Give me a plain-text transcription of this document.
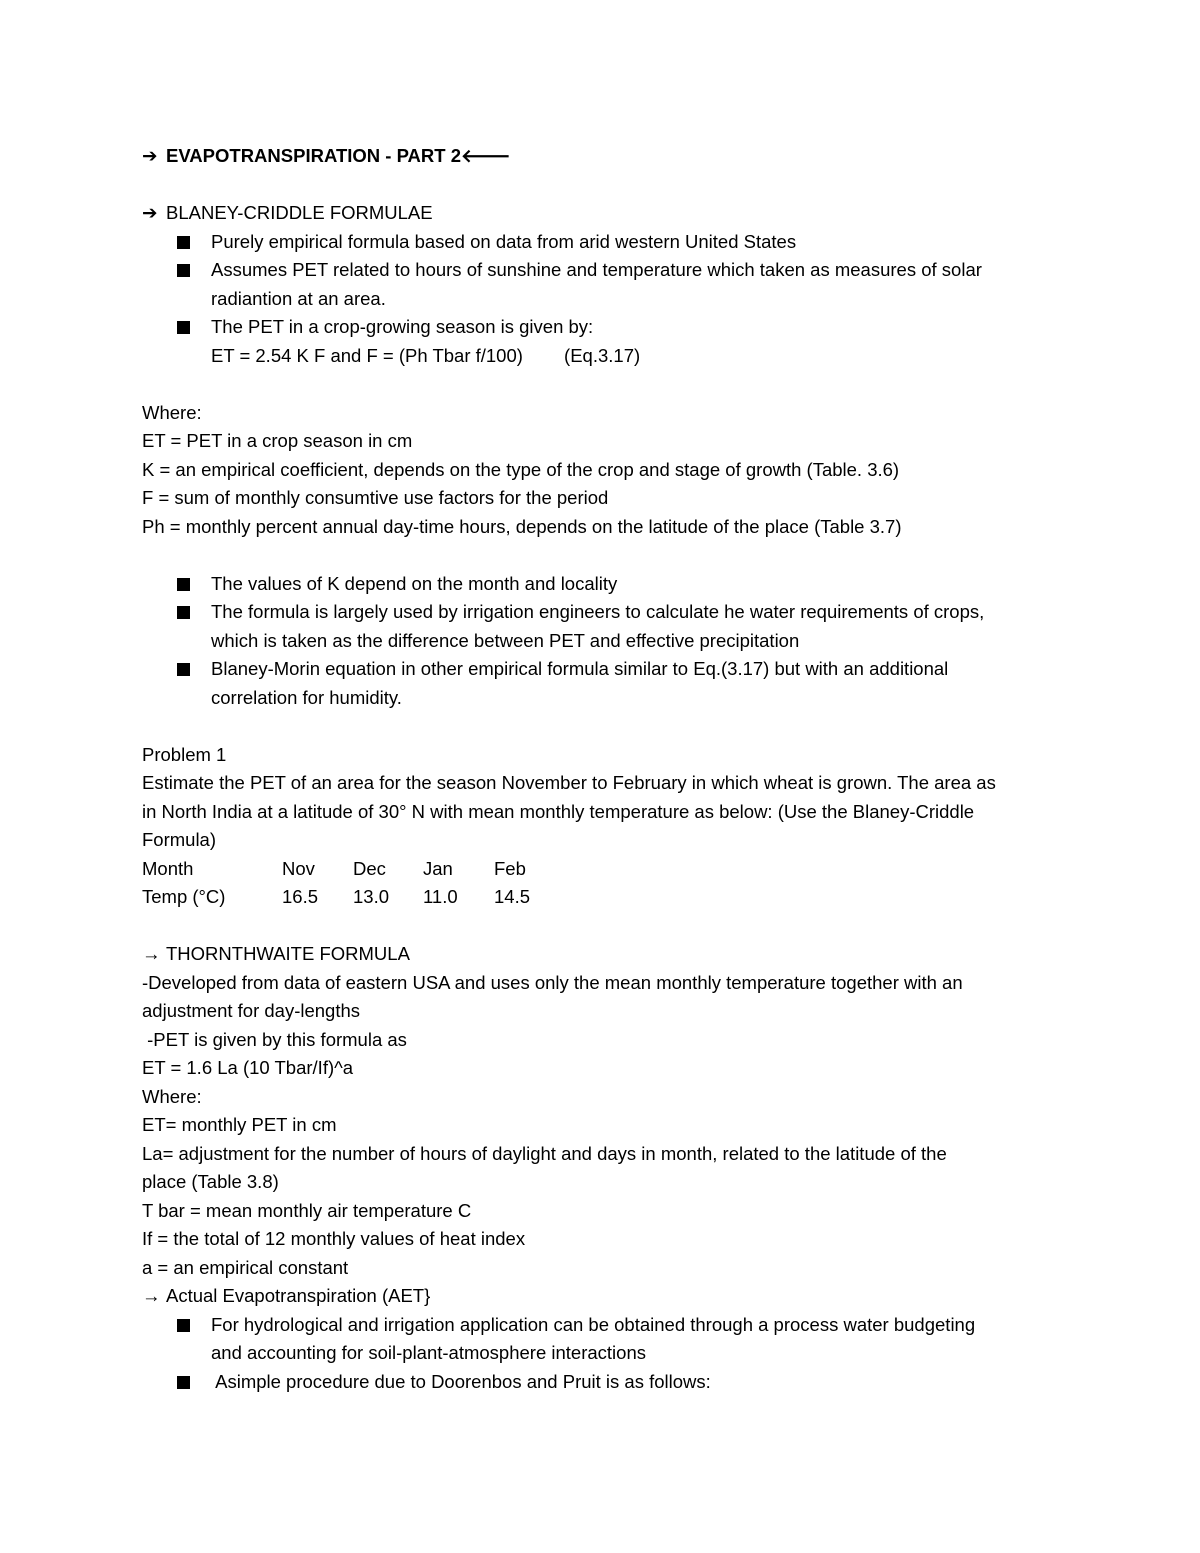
➔ EVAPOTRANSPIRATION - PART 2🡐
➔ BLANEY-CRIDDLE FORMULAE
Purely empirical formula based on data from arid western United States
Assumes PET related to hours of sunshine and temperature which taken as measures of solar
radiantion at an area.
The PET in a crop-growing season is given by:
ET = 2.54 K F and F = (Ph Tbar f/100)        (Eq.3.17)
Where:
ET = PET in a crop season in cm
K = an empirical coefficient, depends on the type of the crop and stage of growth (Table. 3.6)
F = sum of monthly consumtive use factors for the period
Ph = monthly percent annual day-time hours, depends on the latitude of the place (Table 3.7)
The values of K depend on the month and locality
The formula is largely used by irrigation engineers to calculate he water requirements of crops,
which is taken as the difference between PET and effective precipitation
Blaney-Morin equation in other empirical formula similar to Eq.(3.17) but with an additional
correlation for humidity.
Problem 1
Estimate the PET of an area for the season November to February in which wheat is grown. The area as
in North India at a latitude of 30° N with mean monthly temperature as below: (Use the Blaney-Criddle
Formula)
Month	Nov Dec Jan Feb
Temp (°C)	16.5 13.0 11.0 14.5
→ THORNTHWAITE FORMULA
-Developed from data of eastern USA and uses only the mean monthly temperature together with an
adjustment for day-lengths
-PET is given by this formula as
ET = 1.6 La (10 Tbar/If)^a
Where:
ET= monthly PET in cm
La= adjustment for the number of hours of daylight and days in month, related to the latitude of the
place (Table 3.8)
T bar = mean monthly air temperature C
If = the total of 12 monthly values of heat index
a = an empirical constant
→ Actual Evapotranspiration (AET}
For hydrological and irrigation application can be obtained through a process water budgeting
and accounting for soil-plant-atmosphere interactions
Asimple procedure due to Doorenbos and Pruit is as follows:
